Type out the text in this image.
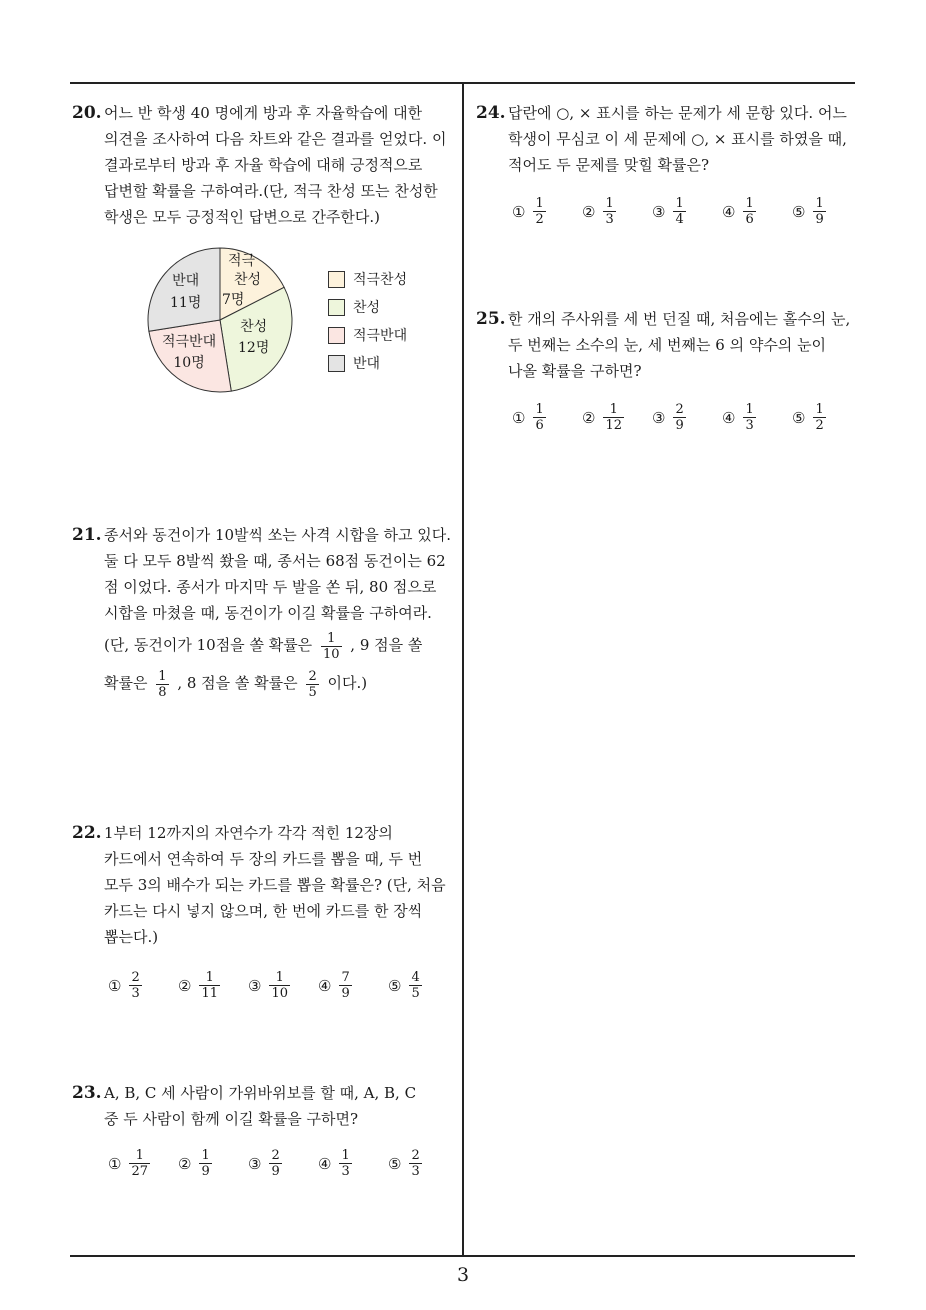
3
20. 어느 반 학생 40 명에게 방과 후 자율학습에 대한

의견을 조사하여 다음 차트와 같은 결과를 얻었다. 이

결과로부터 방과 후 자율 학습에 대해 긍정적으로

답변할 확률을 구하여라.(단, 적극 찬성 또는 찬성한

학생은 모두 긍정적인 답변으로 간주한다.)

적극
찬성
7명
반대
11명
찬성
12명
적극반대
10명
적극찬성
찬성
적극반대
반대
21. 종서와 동건이가 10발씩 쏘는 사격 시합을 하고 있다.

둘 다 모두 8발씩 쐈을 때, 종서는 68점 동건이는 62

점 이었다. 종서가 마지막 두 발을 쏜 뒤, 80 점으로

시합을 마쳤을 때, 동건이가 이길 확률을 구하여라.

(단, 동건이가 10점을 쏠 확률은 $\frac{1}{10}$ , 9 점을 쏠

확률은 $\frac{1}{8}$ , 8 점을 쏠 확률은 $\frac{2}{5}$ 이다.)

22. 1부터 12까지의 자연수가 각각 적힌 12장의

카드에서 연속하여 두 장의 카드를 뽑을 때, 두 번

모두 3의 배수가 되는 카드를 뽑을 확률은? (단, 처음

카드는 다시 넣지 않으며, 한 번에 카드를 한 장씩

뽑는다.)

① $\frac{2}{3}$ ② $\frac{1}{11}$ ③ $\frac{1}{10}$ ④ $\frac{7}{9}$ ⑤ $\frac{4}{5}$
23. A, B, C 세 사람이 가위바위보를 할 때, A, B, C

중 두 사람이 함께 이길 확률을 구하면?

① $\frac{1}{27}$ ② $\frac{1}{9}$ ③ $\frac{2}{9}$ ④ $\frac{1}{3}$ ⑤ $\frac{2}{3}$
24. 답란에 ○, × 표시를 하는 문제가 세 문항 있다. 어느

학생이 무심코 이 세 문제에 ○, × 표시를 하였을 때,

적어도 두 문제를 맞힐 확률은?

① $\frac{1}{2}$ ② $\frac{1}{3}$ ③ $\frac{1}{4}$ ④ $\frac{1}{6}$ ⑤ $\frac{1}{9}$
25. 한 개의 주사위를 세 번 던질 때, 처음에는 홀수의 눈,

두 번째는 소수의 눈, 세 번째는 6 의 약수의 눈이

나올 확률을 구하면?

① $\frac{1}{6}$ ② $\frac{1}{12}$ ③ $\frac{2}{9}$ ④ $\frac{1}{3}$ ⑤ $\frac{1}{2}$
